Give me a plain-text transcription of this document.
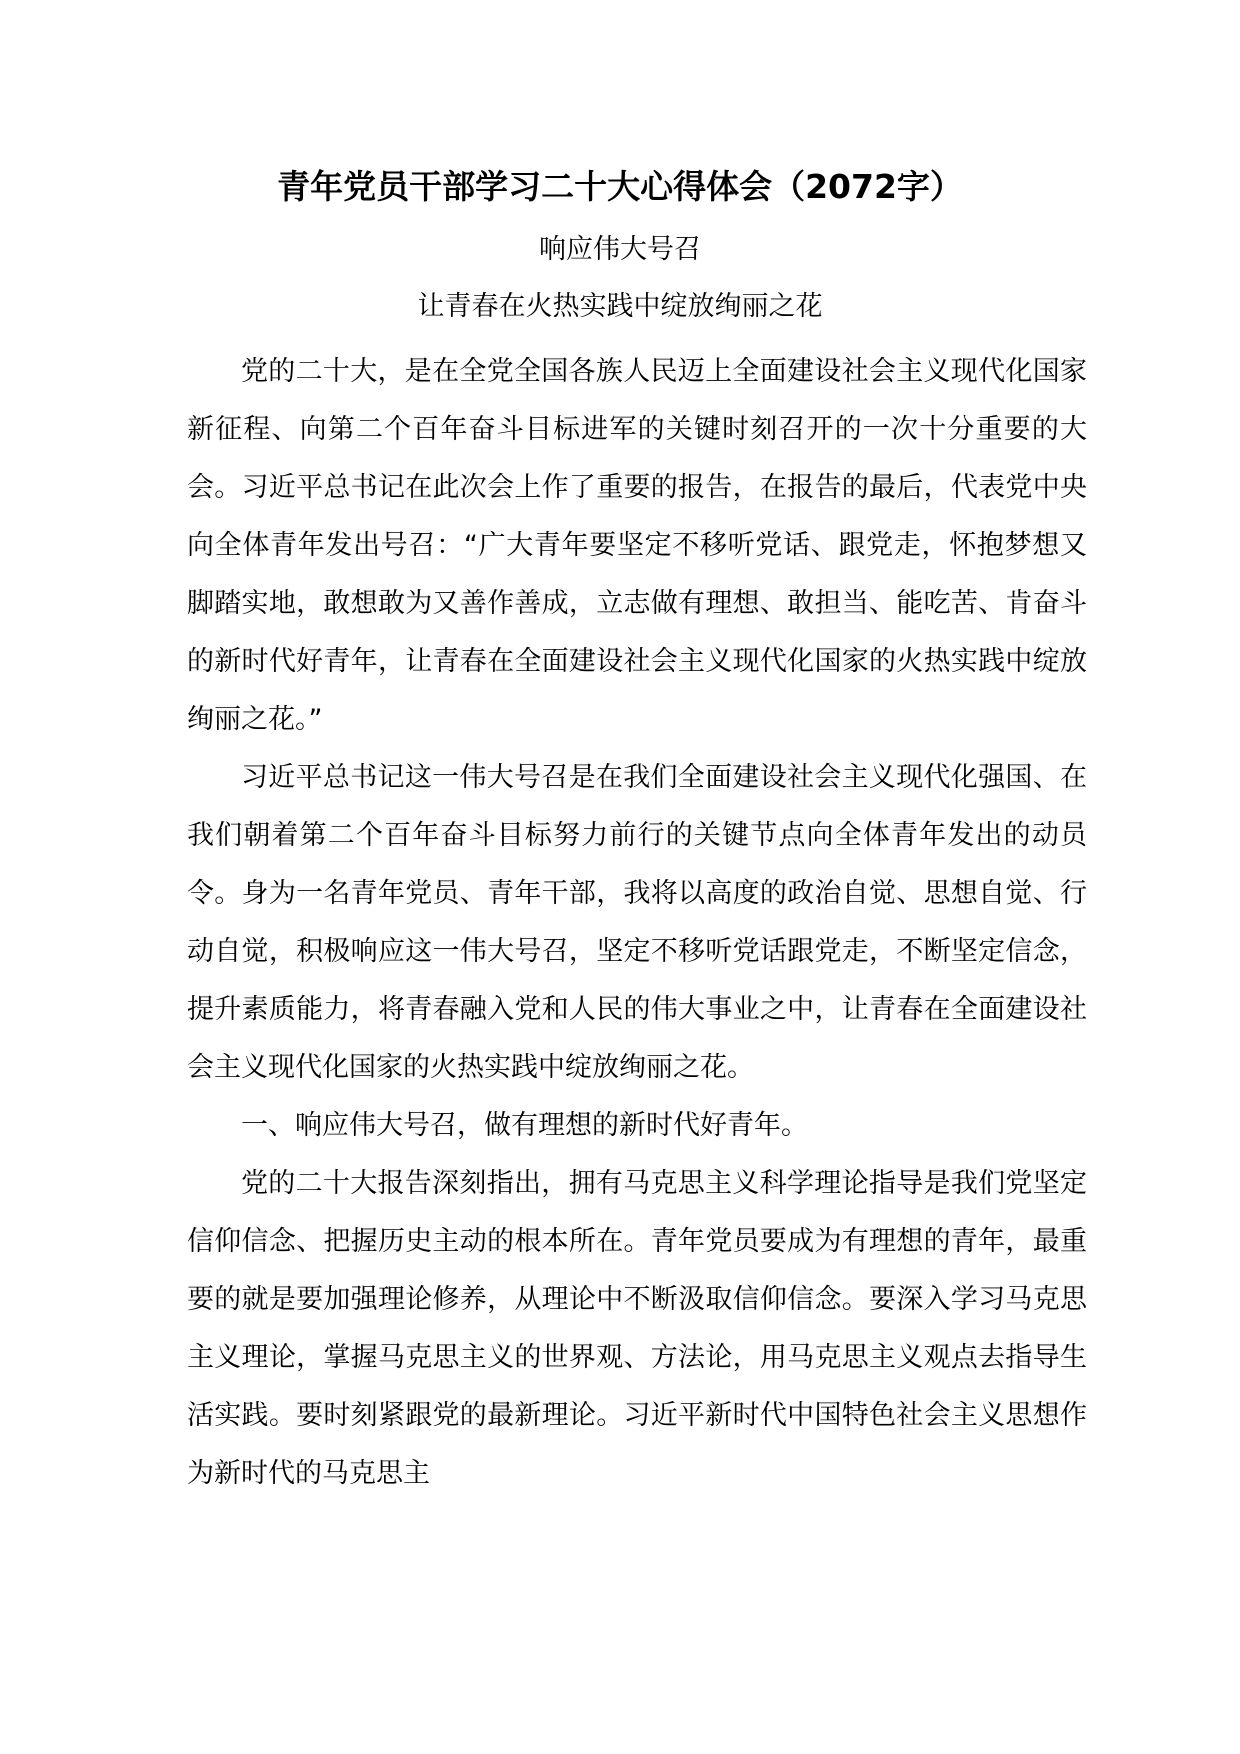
青年党员干部学习二十大心得体会（2072字）
响应伟大号召
让青春在火热实践中绽放绚丽之花

党的二十大，是在全党全国各族人民迈上全面建设社会主义现代化国家新征程、向第二个百年奋斗目标进军的关键时刻召开的一次十分重要的大会。习近平总书记在此次会上作了重要的报告，在报告的最后，代表党中央向全体青年发出号召：“广大青年要坚定不移听党话、跟党走，怀抱梦想又脚踏实地，敢想敢为又善作善成，立志做有理想、敢担当、能吃苦、肯奋斗的新时代好青年，让青春在全面建设社会主义现代化国家的火热实践中绽放绚丽之花。”

习近平总书记这一伟大号召是在我们全面建设社会主义现代化强国、在我们朝着第二个百年奋斗目标努力前行的关键节点向全体青年发出的动员令。身为一名青年党员、青年干部，我将以高度的政治自觉、思想自觉、行动自觉，积极响应这一伟大号召，坚定不移听党话跟党走，不断坚定信念，提升素质能力，将青春融入党和人民的伟大事业之中，让青春在全面建设社会主义现代化国家的火热实践中绽放绚丽之花。

一、响应伟大号召，做有理想的新时代好青年。

党的二十大报告深刻指出，拥有马克思主义科学理论指导是我们党坚定信仰信念、把握历史主动的根本所在。青年党员要成为有理想的青年，最重要的就是要加强理论修养，从理论中不断汲取信仰信念。要深入学习马克思主义理论，掌握马克思主义的世界观、方法论，用马克思主义观点去指导生活实践。要时刻紧跟党的最新理论。习近平新时代中国特色社会主义思想作为新时代的马克思主
